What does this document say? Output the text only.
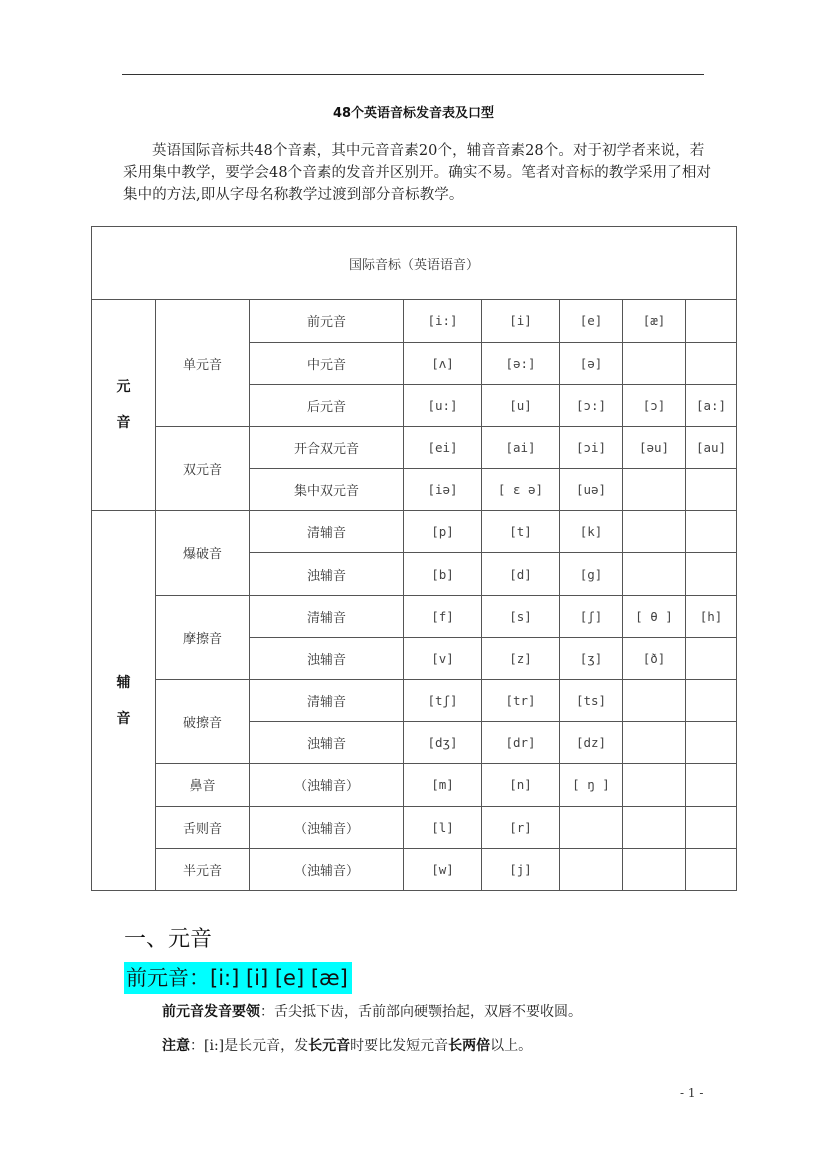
48个英语音标发音表及口型
英语国际音标共48个音素，其中元音音素20个，辅音音素28个。对于初学者来说，若采用集中教学，要学会48个音素的发音并区别开。确实不易。笔者对音标的教学采用了相对集中的方法,即从字母名称教学过渡到部分音标教学。
国际音标（英语语音）							

元
音	单元音	前元音	[i:]	[i]	[e]	[æ]	
		中元音	[ʌ]	[ə:]	[ə]		
		后元音	[u:]	[u]	[ɔ:]	[ɔ]	[a:]
	双元音	开合双元音	[ei]	[ai]	[ɔi]	[əu]	[au]
		集中双元音	[iə]	[ ɛ ə]	[uə]		

辅
音	爆破音	清辅音	[p]	[t]	[k]		
		浊辅音	[b]	[d]	[g]		
	摩擦音	清辅音	[f]	[s]	[ʃ]	[ θ ]	[h]
		浊辅音	[v]	[z]	[ʒ]	[ð]	
	破擦音	清辅音	[tʃ]	[tr]	[ts]		
		浊辅音	[dʒ]	[dr]	[dz]		
	鼻音	（浊辅音）	[m]	[n]	[ ŋ ]		
	舌则音	（浊辅音）	[l]	[r]			
	半元音	（浊辅音）	[w]	[j]			
一、元音
前元音：[i:] [i] [e] [æ]
前元音发音要领：舌尖抵下齿，舌前部向硬颚抬起，双唇不要收圆。
注意：[i:]是长元音，发长元音时要比发短元音长两倍以上。
- 1 -
